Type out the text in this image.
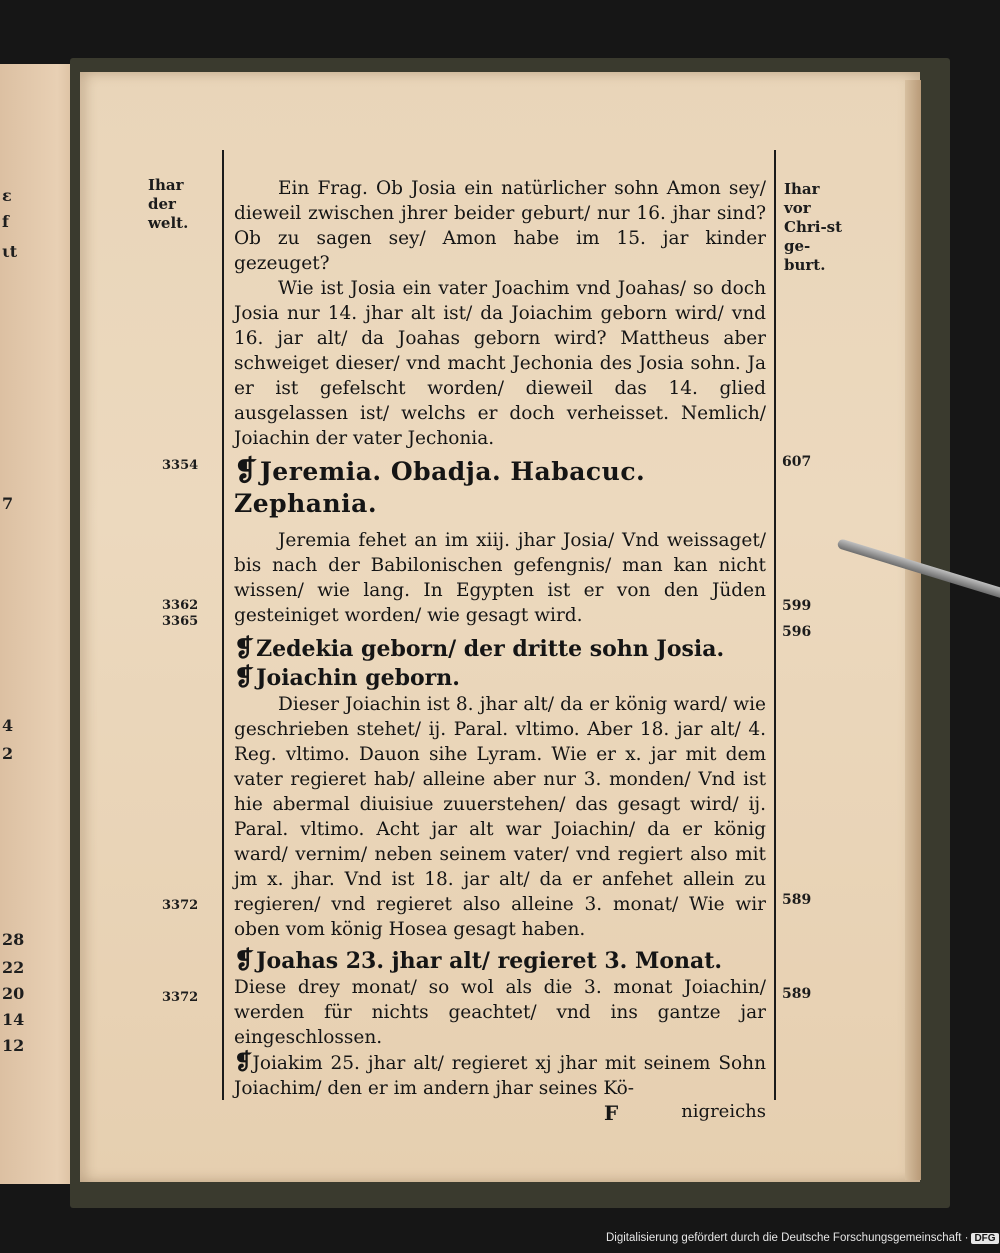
ε
f
ιt
7
4
2
28
22
20
14
12
Ihar der welt.
Ihar vor Chri-st ge-burt.
3354
3362
3365
3372
3372
607
599
596
589
589

Ein Frag. Ob Josia ein natürlicher sohn Amon sey/ dieweil zwischen jhrer beider geburt/ nur 16. jhar sind? Ob zu sagen sey/ Amon habe im 15. jar kinder gezeuget?

Wie ist Josia ein vater Joachim vnd Joahas/ so doch Josia nur 14. jhar alt ist/ da Joiachim geborn wird/ vnd 16. jar alt/ da Joahas geborn wird? Mattheus aber schweiget dieser/ vnd macht Jechonia des Josia sohn. Ja er ist gefelscht worden/ dieweil das 14. glied ausgelassen ist/ welchs er doch verheisset. Nemlich/ Joiachin der vater Jechonia.

❡Jeremia. Obadja. Habacuc. Zephania.

Jeremia fehet an im xiij. jhar Josia/ Vnd weissaget/ bis nach der Babilonischen gefengnis/ man kan nicht wissen/ wie lang. In Egypten ist er von den Jüden gesteiniget worden/ wie gesagt wird.

❡Zedekia geborn/ der dritte sohn Josia.
❡Joiachin geborn.

Dieser Joiachin ist 8. jhar alt/ da er könig ward/ wie geschrieben stehet/ ij. Paral. vltimo. Aber 18. jar alt/ 4. Reg. vltimo. Dauon sihe Lyram. Wie er x. jar mit dem vater regieret hab/ alleine aber nur 3. monden/ Vnd ist hie abermal diuisiue zuuerstehen/ das gesagt wird/ ij. Paral. vltimo. Acht jar alt war Joiachin/ da er könig ward/ vernim/ neben seinem vater/ vnd regiert also mit jm x. jhar. Vnd ist 18. jar alt/ da er anfehet allein zu regieren/ vnd regieret also alleine 3. monat/ Wie wir oben vom könig Hosea gesagt haben.

❡Joahas 23. jhar alt/ regieret 3. Monat.

Diese drey monat/ so wol als die 3. monat Joiachin/ werden für nichts geachtet/ vnd ins gantze jar eingeschlossen.

❡Joiakim 25. jhar alt/ regieret xj jhar mit seinem Sohn Joiachim/ den er im andern jhar seines Kö-

F	nigreichs
Digitalisierung gefördert durch die Deutsche Forschungsgemeinschaft · DFG
